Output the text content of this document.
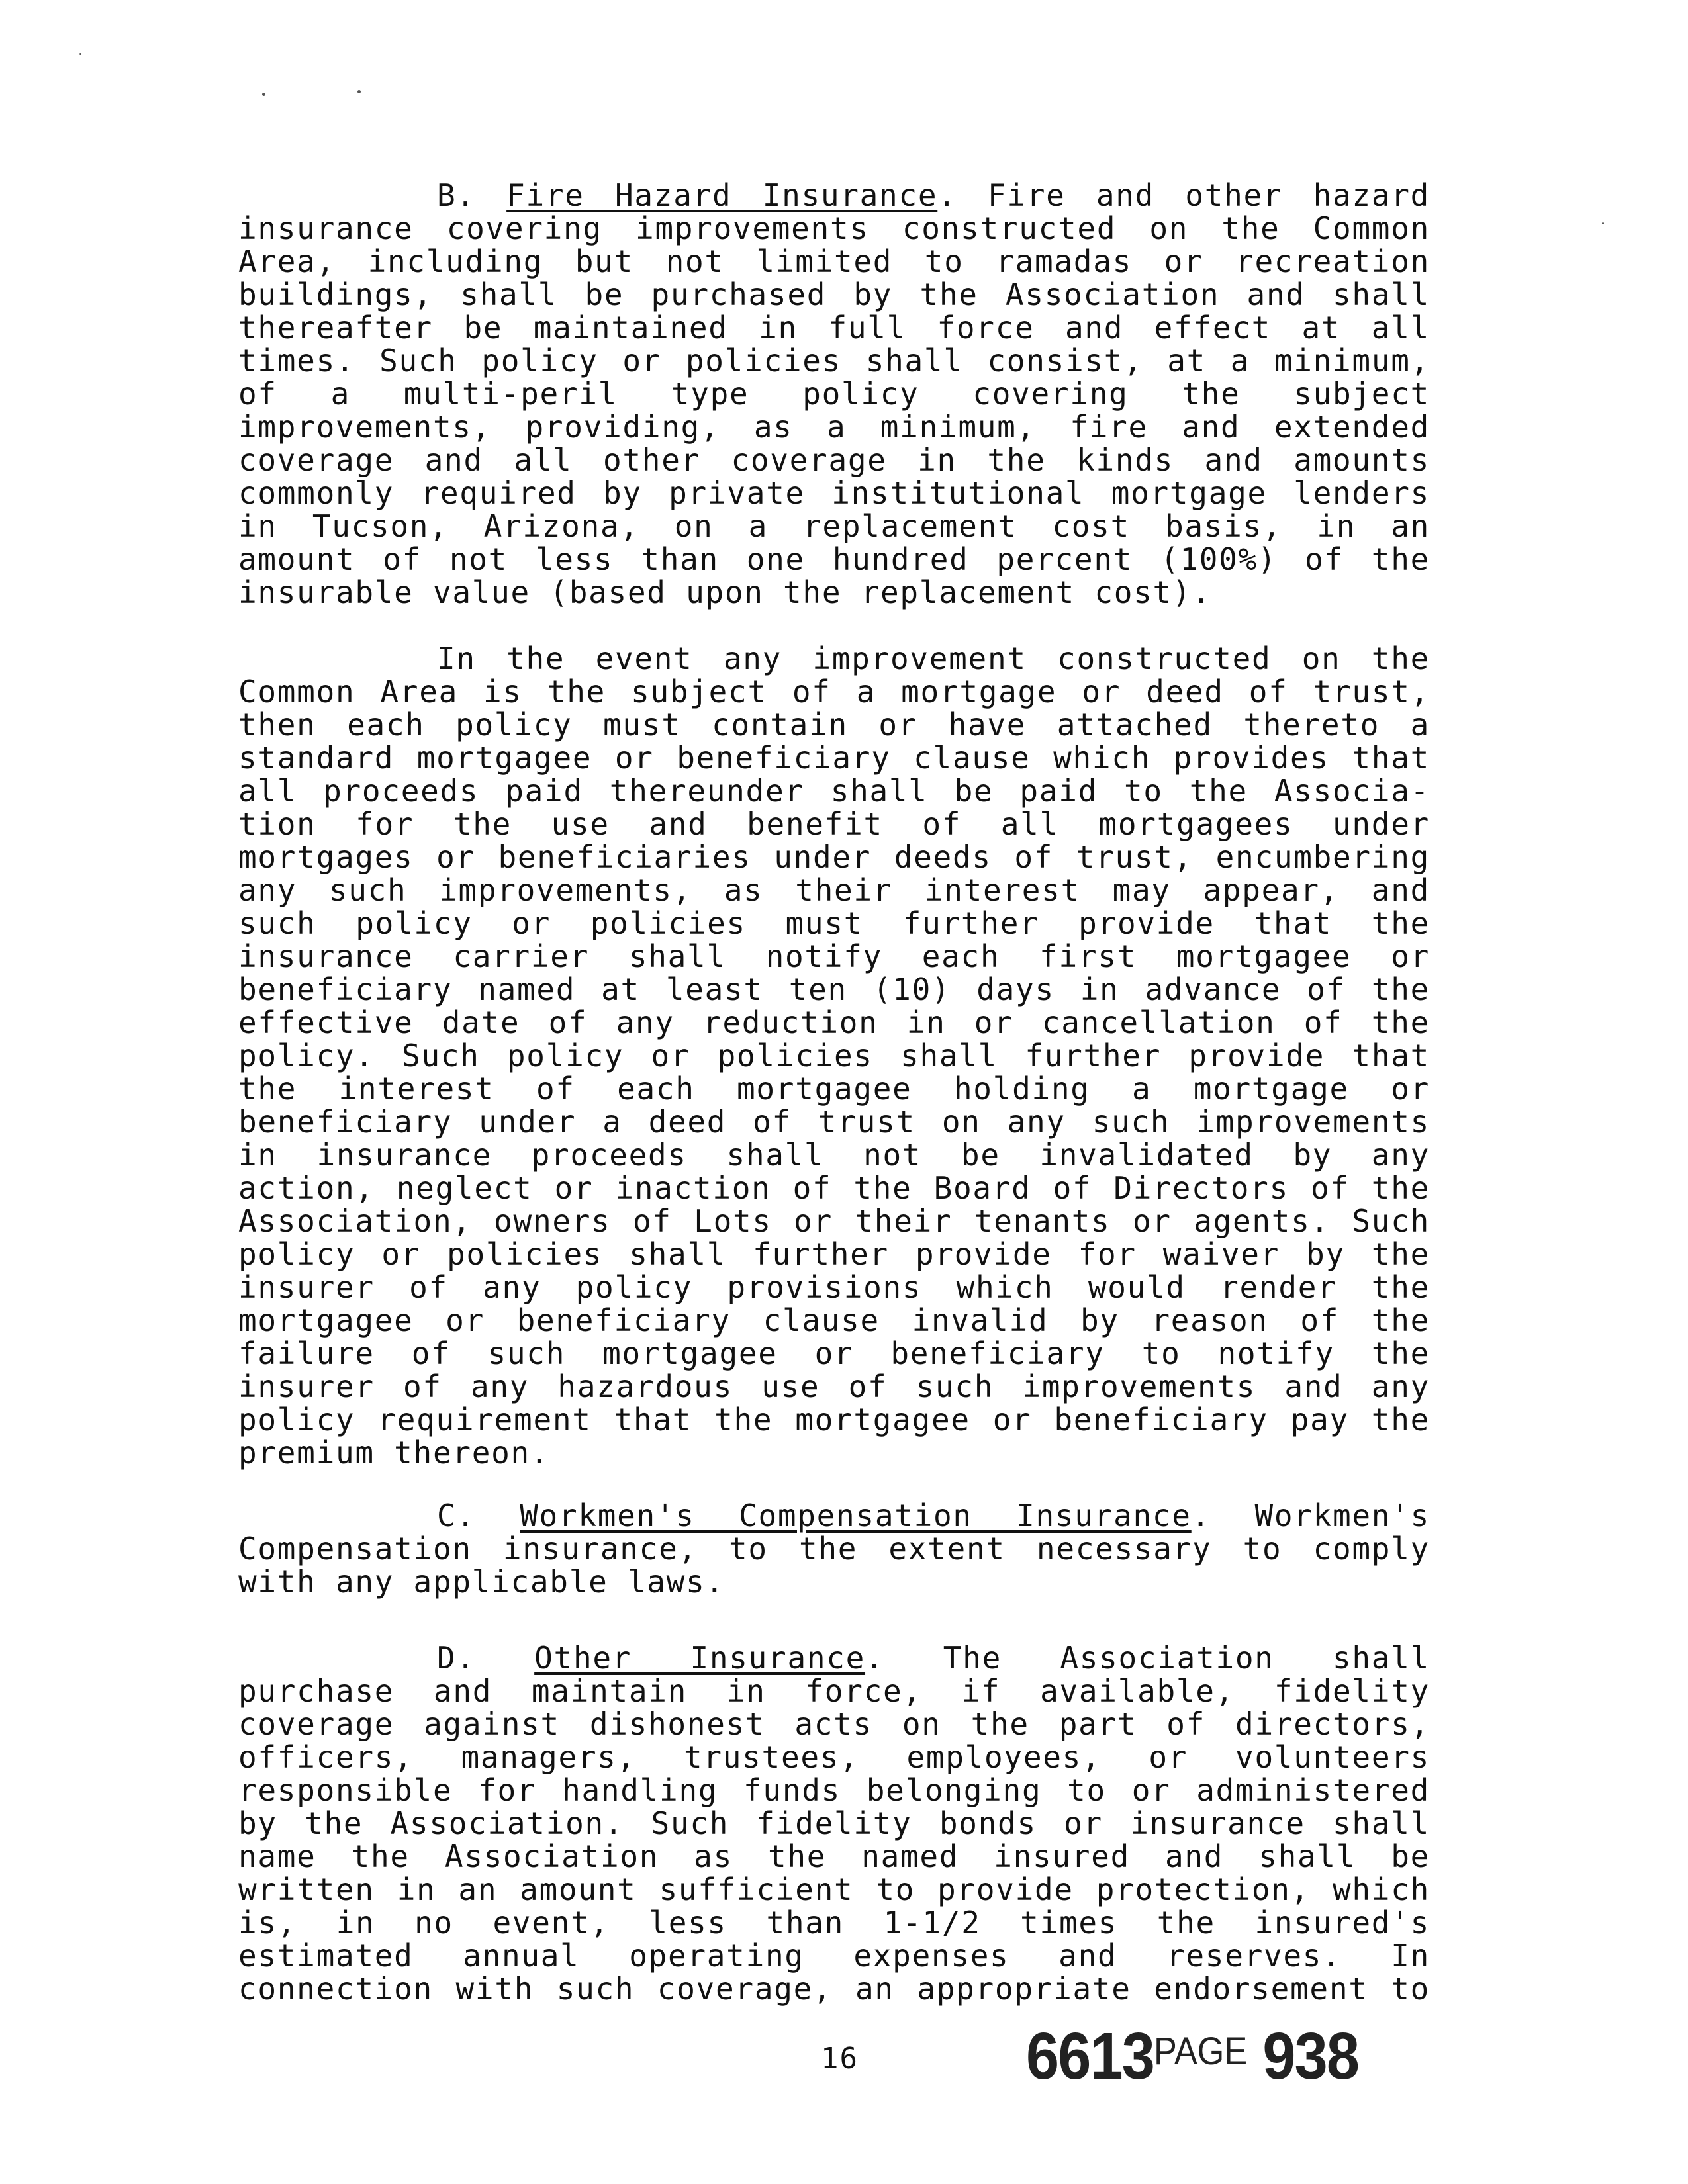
B. Fire Hazard Insurance. Fire and other hazard
insurance covering improvements constructed on the Common
Area, including but not limited to ramadas or recreation
buildings, shall be purchased by the Association and shall
thereafter be maintained in full force and effect at all
times. Such policy or policies shall consist, at a minimum,
of a multi-peril type policy covering the subject
improvements, providing, as a minimum, fire and extended
coverage and all other coverage in the kinds and amounts
commonly required by private institutional mortgage lenders
in Tucson, Arizona, on a replacement cost basis, in an
amount of not less than one hundred percent (100%) of the
insurable value (based upon the replacement cost).
In the event any improvement constructed on the
Common Area is the subject of a mortgage or deed of trust,
then each policy must contain or have attached thereto a
standard mortgagee or beneficiary clause which provides that
all proceeds paid thereunder shall be paid to the Associa-
tion for the use and benefit of all mortgagees under
mortgages or beneficiaries under deeds of trust, encumbering
any such improvements, as their interest may appear, and
such policy or policies must further provide that the
insurance carrier shall notify each first mortgagee or
beneficiary named at least ten (10) days in advance of the
effective date of any reduction in or cancellation of the
policy. Such policy or policies shall further provide that
the interest of each mortgagee holding a mortgage or
beneficiary under a deed of trust on any such improvements
in insurance proceeds shall not be invalidated by any
action, neglect or inaction of the Board of Directors of the
Association, owners of Lots or their tenants or agents. Such
policy or policies shall further provide for waiver by the
insurer of any policy provisions which would render the
mortgagee or beneficiary clause invalid by reason of the
failure of such mortgagee or beneficiary to notify the
insurer of any hazardous use of such improvements and any
policy requirement that the mortgagee or beneficiary pay the
premium thereon.
C. Workmen's Compensation Insurance. Workmen's
Compensation insurance, to the extent necessary to comply
with any applicable laws.
D. Other Insurance. The Association shall
purchase and maintain in force, if available, fidelity
coverage against dishonest acts on the part of directors,
officers, managers, trustees, employees, or volunteers
responsible for handling funds belonging to or administered
by the Association. Such fidelity bonds or insurance shall
name the Association as the named insured and shall be
written in an amount sufficient to provide protection, which
is, in no event, less than 1-1/2 times the insured's
estimated annual operating expenses and reserves. In
connection with such coverage, an appropriate endorsement to
16	$6613^{PAGE}$ 938
